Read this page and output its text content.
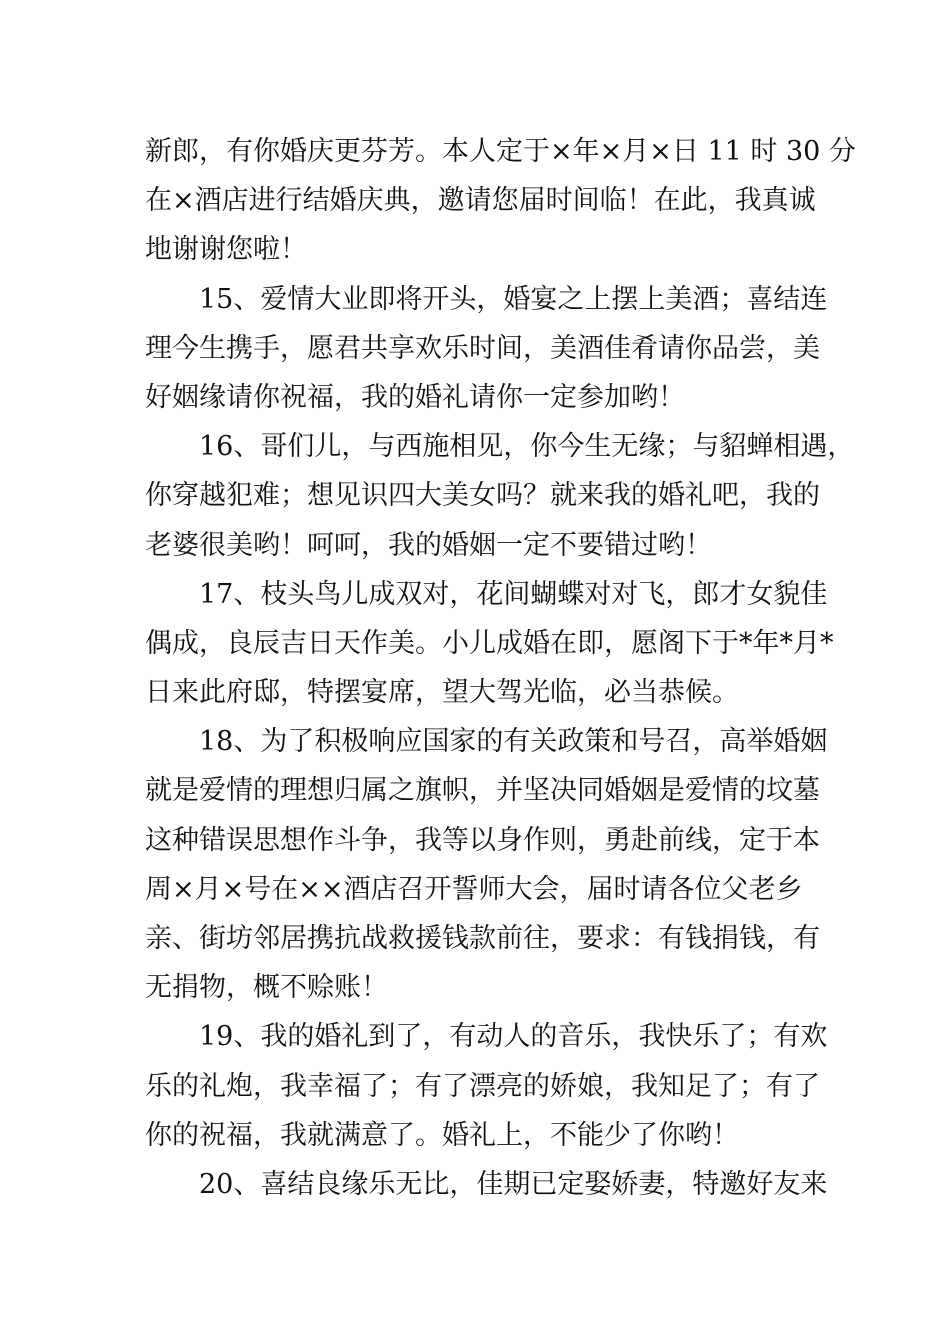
新郎，有你婚庆更芬芳。本人定于×年×月×日 11 时 30 分
在×酒店进行结婚庆典，邀请您届时间临！在此，我真诚
地谢谢您啦！

15、爱情大业即将开头，婚宴之上摆上美酒；喜结连
理今生携手，愿君共享欢乐时间，美酒佳肴请你品尝，美
好姻缘请你祝福，我的婚礼请你一定参加哟！

16、哥们儿，与西施相见，你今生无缘；与貂蝉相遇，
你穿越犯难；想见识四大美女吗？就来我的婚礼吧，我的
老婆很美哟！呵呵，我的婚姻一定不要错过哟！

17、枝头鸟儿成双对，花间蝴蝶对对飞，郎才女貌佳
偶成，良辰吉日天作美。小儿成婚在即，愿阁下于*年*月*
日来此府邸，特摆宴席，望大驾光临，必当恭候。

18、为了积极响应国家的有关政策和号召，高举婚姻
就是爱情的理想归属之旗帜，并坚决同婚姻是爱情的坟墓
这种错误思想作斗争，我等以身作则，勇赴前线，定于本
周×月×号在××酒店召开誓师大会，届时请各位父老乡
亲、街坊邻居携抗战救援钱款前往，要求：有钱捐钱，有
无捐物，概不赊账！

19、我的婚礼到了，有动人的音乐，我快乐了；有欢
乐的礼炮，我幸福了；有了漂亮的娇娘，我知足了；有了
你的祝福，我就满意了。婚礼上，不能少了你哟！

20、喜结良缘乐无比，佳期已定娶娇妻，特邀好友来
